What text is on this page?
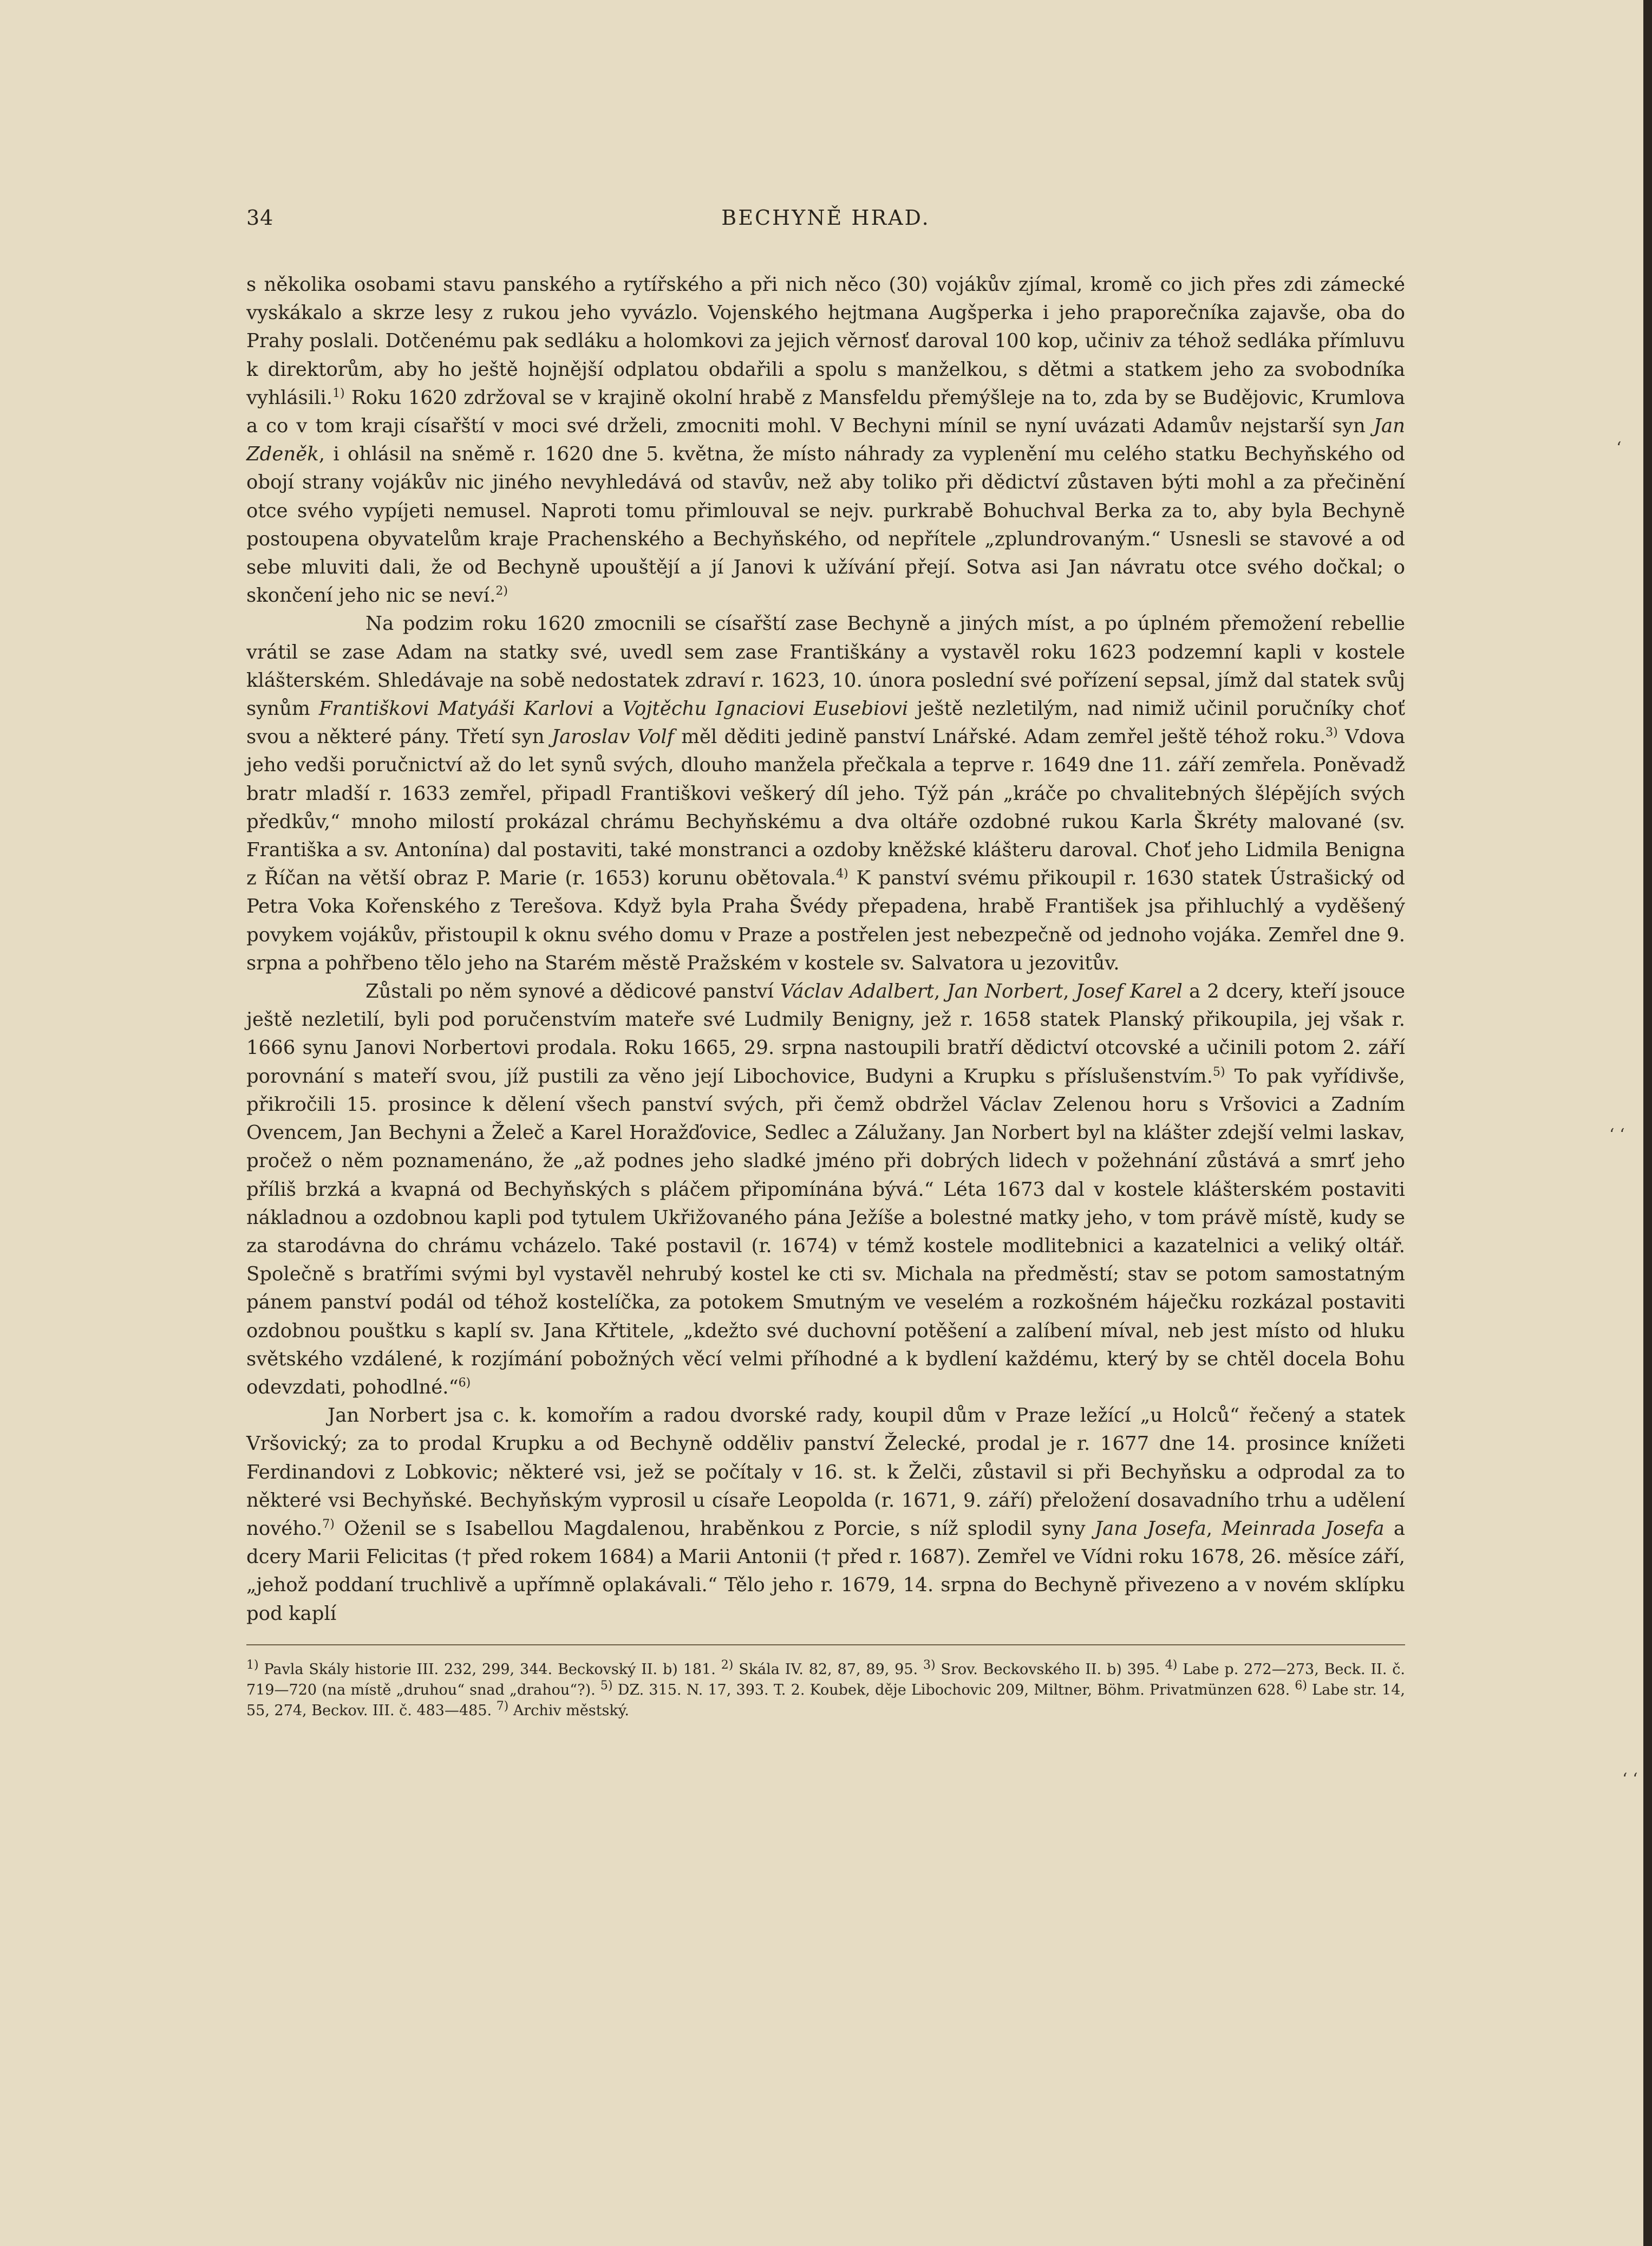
‘
‘ ‘
‘ ‘
34	BECHYNĚ HRAD.

s několika osobami stavu panského a rytířského a při nich něco (30) vojákův zjímal, kromě co jich přes zdi zámecké vyskákalo a skrze lesy z rukou jeho vyvázlo. Vojenského hejtmana Augšperka i jeho praporečníka zajavše, oba do Prahy poslali. Dotčenému pak sedláku a holomkovi za jejich věrnosť daroval 100 kop, učiniv za téhož sedláka přímluvu k direktorům, aby ho ještě hojnější odplatou obdařili a spolu s manželkou, s dětmi a statkem jeho za svobodníka vyhlásili.$^{1)}$ Roku 1620 zdržoval se v krajině okolní hrabě z Mansfeldu přemýšleje na to, zda by se Budějovic, Krumlova a co v tom kraji císařští v moci své drželi, zmocniti mohl. V Bechyni mínil se nyní uvázati Adamův nejstarší syn Jan Zdeněk, i ohlásil na sněmě r. 1620 dne 5. května, že místo náhrady za vyplenění mu celého statku Bechyňského od obojí strany vojákův nic jiného nevyhledává od stavův, než aby toliko při dědictví zůstaven býti mohl a za přečinění otce svého vypíjeti nemusel. Naproti tomu přimlouval se nejv. purkrabě Bohuchval Berka za to, aby byla Bechyně postoupena obyvatelům kraje Prachenského a Bechyňského, od nepřítele „zplundrovaným.“ Usnesli se stavové a od sebe mluviti dali, že od Bechyně upouštějí a jí Janovi k užívání přejí. Sotva asi Jan návratu otce svého dočkal; o skončení jeho nic se neví.$^{2)}$

Na podzim roku 1620 zmocnili se císařští zase Bechyně a jiných míst, a po úplném přemožení rebellie vrátil se zase Adam na statky své, uvedl sem zase Františkány a vystavěl roku 1623 podzemní kapli v kostele klášterském. Shledávaje na sobě nedostatek zdraví r. 1623, 10. února poslední své pořízení sepsal, jímž dal statek svůj synům Františkovi Matyáši Karlovi a Vojtěchu Ignaciovi Eusebiovi ještě nezletilým, nad nimiž učinil poručníky choť svou a některé pány. Třetí syn Jaroslav Volf měl děditi jedině panství Lnářské. Adam zemřel ještě téhož roku.$^{3)}$ Vdova jeho vedši poručnictví až do let synů svých, dlouho manžela přečkala a teprve r. 1649 dne 11. září zemřela. Poněvadž bratr mladší r. 1633 zemřel, připadl Františkovi veškerý díl jeho. Týž pán „kráče po chvalitebných šlépějích svých předkův,“ mnoho milostí prokázal chrámu Bechyňskému a dva oltáře ozdobné rukou Karla Škréty malované (sv. Františka a sv. Antonína) dal postaviti, také monstranci a ozdoby kněžské klášteru daroval. Choť jeho Lidmila Benigna z Říčan na větší obraz P. Marie (r. 1653) korunu obětovala.$^{4)}$ K panství svému přikoupil r. 1630 statek Ústrašický od Petra Voka Kořenského z Terešova. Když byla Praha Švédy přepadena, hrabě František jsa přihluchlý a vyděšený povykem vojákův, přistoupil k oknu svého domu v Praze a postřelen jest nebezpečně od jednoho vojáka. Zemřel dne 9. srpna a pohřbeno tělo jeho na Starém městě Pražském v kostele sv. Salvatora u jezovitův.

Zůstali po něm synové a dědicové panství Václav Adalbert, Jan Norbert, Josef Karel a 2 dcery, kteří jsouce ještě nezletilí, byli pod poručenstvím mateře své Ludmily Benigny, jež r. 1658 statek Planský přikoupila, jej však r. 1666 synu Janovi Norbertovi prodala. Roku 1665, 29. srpna nastoupili bratří dědictví otcovské a učinili potom 2. září porovnání s mateří svou, jíž pustili za věno její Libochovice, Budyni a Krupku s příslušenstvím.$^{5)}$ To pak vyřídivše, přikročili 15. prosince k dělení všech panství svých, při čemž obdržel Václav Zelenou horu s Vršovici a Zadním Ovencem, Jan Bechyni a Želeč a Karel Horažďovice, Sedlec a Zálužany. Jan Norbert byl na klášter zdejší velmi laskav, pročež o něm poznamenáno, že „až podnes jeho sladké jméno při dobrých lidech v požehnání zůstává a smrť jeho příliš brzká a kvapná od Bechyňských s pláčem připomínána bývá.“ Léta 1673 dal v kostele klášterském postaviti nákladnou a ozdobnou kapli pod tytulem Ukřižovaného pána Ježíše a bolestné matky jeho, v tom právě místě, kudy se za starodávna do chrámu vcházelo. Také postavil (r. 1674) v témž kostele modlitebnici a kazatelnici a veliký oltář. Společně s bratřími svými byl vystavěl nehrubý kostel ke cti sv. Michala na předměstí; stav se potom samostatným pánem panství podál od téhož kostelíčka, za potokem Smutným ve veselém a rozkošném háječku rozkázal postaviti ozdobnou pouštku s kaplí sv. Jana Křtitele, „kdežto své duchovní potěšení a zalíbení míval, neb jest místo od hluku světského vzdálené, k rozjímání pobožných věcí velmi příhodné a k bydlení každému, který by se chtěl docela Bohu odevzdati, pohodlné.“$^{6)}$

Jan Norbert jsa c. k. komořím a radou dvorské rady, koupil dům v Praze ležící „u Holců“ řečený a statek Vršovický; za to prodal Krupku a od Bechyně odděliv panství Želecké, prodal je r. 1677 dne 14. prosince knížeti Ferdinandovi z Lobkovic; některé vsi, jež se počítaly v 16. st. k Želči, zůstavil si při Bechyňsku a odprodal za to některé vsi Bechyňské. Bechyňským vyprosil u císaře Leopolda (r. 1671, 9. září) přeložení dosavadního trhu a udělení nového.$^{7)}$ Oženil se s Isabellou Magdalenou, hraběnkou z Porcie, s níž splodil syny Jana Josefa, Meinrada Josefa a dcery Marii Felicitas († před rokem 1684) a Marii Antonii († před r. 1687). Zemřel ve Vídni roku 1678, 26. měsíce září, „jehož poddaní truchlivě a upřímně oplakávali.“ Tělo jeho r. 1679, 14. srpna do Bechyně přivezeno a v novém sklípku pod kaplí

$^{1)}$ Pavla Skály historie III. 232, 299, 344. Beckovský II. b) 181. $^{2)}$ Skála IV. 82, 87, 89, 95. $^{3)}$ Srov. Beckovského II. b) 395. $^{4)}$ Labe p. 272—273, Beck. II. č. 719—720 (na místě „druhou“ snad „drahou“?). $^{5)}$ DZ. 315. N. 17, 393. T. 2. Koubek, děje Libochovic 209, Miltner, Böhm. Privatmünzen 628. $^{6)}$ Labe str. 14, 55, 274, Beckov. III. č. 483—485. $^{7)}$ Archiv městský.
